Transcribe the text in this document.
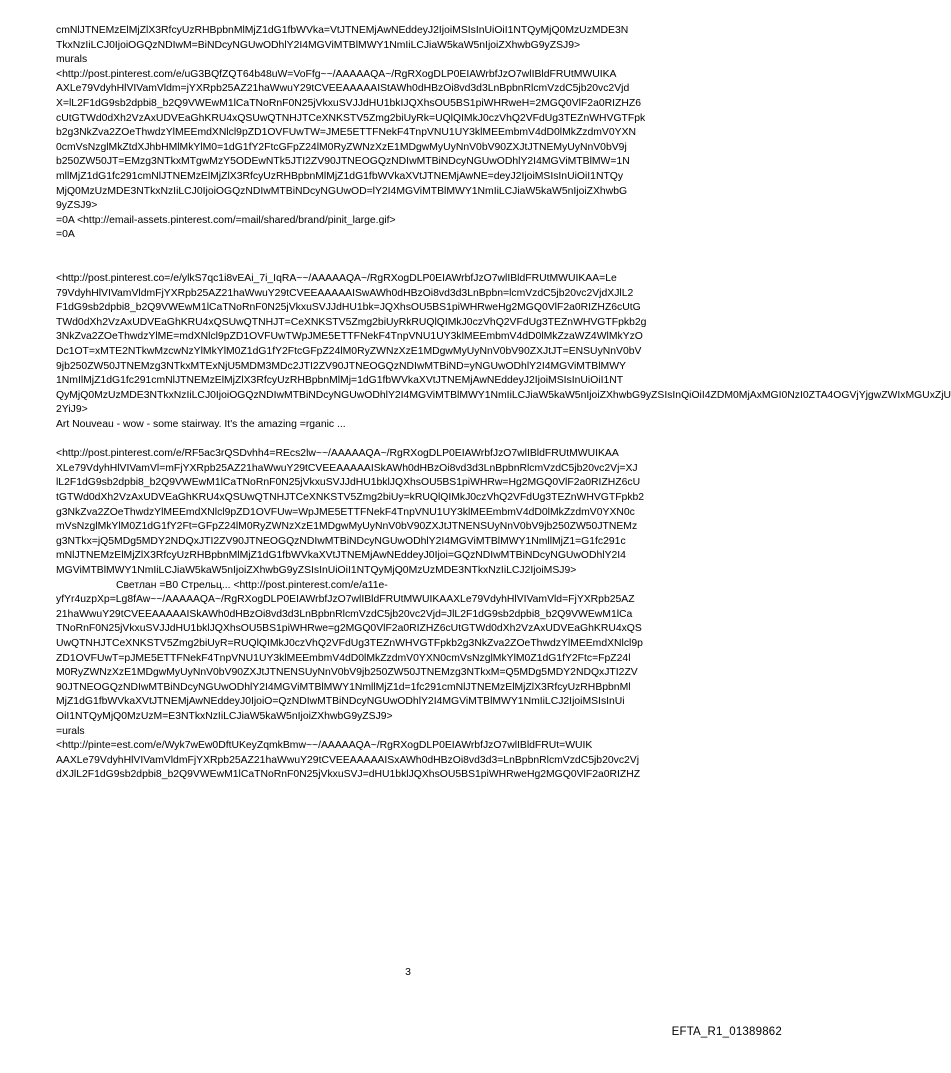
cmNlJTNEMzElMjZlX3RfcyUzRHBpbnMlMjZ1dG1fbWVka=VtJTNEMjAwNEddeyJ2IjoiMSIsInUiOiI1NTQyMjQ0MzUzMDE3N
TkxNzIiLCJ0IjoiOGQzNDIwM=BiNDcyNGUwODhlY2I4MGViMTBlMWY1NmIiLCJiaW5kaW5nIjoiZXhwbG9yZSJ9>
murals
<http://post.pinterest.com/e/uG3BQfZQT64b48uW=VoFfg~~/AAAAAQA~/RgRXogDLP0EIAWrbfJzO7wlIBldFRUtMWUIKA
AXLe79VdyhHlVIVamVldm=jYXRpb25AZ21haWwuY29tCVEEAAAAAIStAWh0dHBzOi8vd3d3LnBpbnRlcmVzdC5jb20vc2Vjd
X=lL2F1dG9sb2dpbi8_b2Q9VWEwM1lCaTNoRnF0N25jVkxuSVJJdHU1bkIJQXhsOU5BS1piWHRweH=2MGQ0VlF2a0RIZHZ6
cUtGTWd0dXh2VzAxUDVEaGhKRU4xQSUwQTNHJTCeXNKSTV5Zmg2biUyRk=UQlQIMkJ0czVhQ2VFdUg3TEZnWHVGTFpk
b2g3NkZva2ZOeThwdzYlMEEmdXNlcl9pZD1OVFUwTW=JME5ETTFNekF4TnpVNU1UY3klMEEmbmV4dD0lMkZzdmV0YXN
0cmVsNzglMkZtdXJhbHMlMkYlM0=1dG1fY2FtcGFpZ24lM0RyZWNzXzE1MDgwMyUyNnV0bV90ZXJtJTNEMyUyNnV0bV9j
b250ZW50JT=EMzg3NTkxMTgwMzY5ODEwNTk5JTI2ZV90JTNEOGQzNDIwMTBiNDcyNGUwODhlY2I4MGViMTBlMW=1N
mllMjZ1dG1fc291cmNlJTNEMzElMjZlX3RfcyUzRHBpbnMlMjZ1dG1fbWVkaXVtJTNEMjAwNE=deyJ2IjoiMSIsInUiOiI1NTQy
MjQ0MzUzMDE3NTkxNzIiLCJ0IjoiOGQzNDIwMTBiNDcyNGUwOD=lY2I4MGViMTBlMWY1NmIiLCJiaW5kaW5nIjoiZXhwbG
9yZSJ9>
=0A <http://email-assets.pinterest.com/=mail/shared/brand/pinit_large.gif>
=0A
<http://post.pinterest.co=/e/ylkS7qc1i8vEAi_7i_IqRA~~/AAAAAQA~/RgRXogDLP0EIAWrbfJzO7wlIBldFRUtMWUIKAA=Le
79VdyhHlVIVamVldmFjYXRpb25AZ21haWwuY29tCVEEAAAAAISwAWh0dHBzOi8vd3d3LnBpbn=lcmVzdC5jb20vc2VjdXJlL2
F1dG9sb2dpbi8_b2Q9VWEwM1lCaTNoRnF0N25jVkxuSVJJdHU1bk=JQXhsOU5BS1piWHRweHg2MGQ0VlF2a0RIZHZ6cUtG
TWd0dXh2VzAxUDVEaGhKRU4xQSUwQTNHJT=CeXNKSTV5Zmg2biUyRkRUQlQIMkJ0czVhQ2VFdUg3TEZnWHVGTFpkb2g
3NkZva2ZOeThwdzYlME=mdXNlcl9pZD1OVFUwTWpJME5ETTFNekF4TnpVNU1UY3klMEEmbmV4dD0lMkZzaWZ4WlMkYzO
Dc1OT=xMTE2NTkwMzcwNzYlMkYlM0Z1dG1fY2FtcGFpZ24lM0RyZWNzXzE1MDgwMyUyNnV0bV90ZXJtJT=ENSUyNnV0bV
9jb250ZW50JTNEMzg3NTkxMTExNjU5MDM3MDc2JTI2ZV90JTNEOGQzNDIwMTBiND=yNGUwODhlY2I4MGViMTBlMWY
1NmIlMjZ1dG1fc291cmNlJTNEMzElMjZlX3RfcyUzRHBpbnMlMj=1dG1fbWVkaXVtJTNEMjAwNEddeyJ2IjoiMSIsInUiOiI1NT
QyMjQ0MzUzMDE3NTkxNzIiLCJ0IjoiOGQzNDIwMTBiNDcyNGUwODhlY2I4MGViMTBlMWY1NmIiLCJiaW5kaW5nIjoiZXhwbG9yZSIsInQiOiI4ZDM0MjAxMGI0NzI0ZTA4OGVjYjgwZWIxMGUxZjU
2YiJ9>
Art Nouveau - wow - some stairway. It's the amazing =rganic ...
<http://post.pinterest.com/e/RF5ac3rQSDvhh4=REcs2lw~~/AAAAAQA~/RgRXogDLP0EIAWrbfJzO7wlIBldFRUtMWUIKAA
XLe79VdyhHlVIVamVl=mFjYXRpb25AZ21haWwuY29tCVEEAAAAAISkAWh0dHBzOi8vd3d3LnBpbnRlcmVzdC5jb20vc2Vj=XJ
lL2F1dG9sb2dpbi8_b2Q9VWEwM1lCaTNoRnF0N25jVkxuSVJJdHU1bklJQXhsOU5BS1piWHRw=Hg2MGQ0VlF2a0RIZHZ6cU
tGTWd0dXh2VzAxUDVEaGhKRU4xQSUwQTNHJTCeXNKSTV5Zmg2biUy=kRUQlQIMkJ0czVhQ2VFdUg3TEZnWHVGTFpkb2
g3NkZva2ZOeThwdzYlMEEmdXNlcl9pZD1OVFUw=WpJME5ETTFNekF4TnpVNU1UY3klMEEmbmV4dD0lMkZzdmV0YXN0c
mVsNzglMkYlM0Z1dG1fY2Ft=GFpZ24lM0RyZWNzXzE1MDgwMyUyNnV0bV90ZXJtJTNENSUyNnV0bV9jb250ZW50JTNEMz
g3NTkx=jQ5MDg5MDY2NDQxJTI2ZV90JTNEOGQzNDIwMTBiNDcyNGUwODhlY2I4MGViMTBlMWY1NmllMjZ1=G1fc291c
mNlJTNEMzElMjZlX3RfcyUzRHBpbnMlMjZ1dG1fbWVkaXVtJTNEMjAwNEddeyJ0Ijoi=GQzNDIwMTBiNDcyNGUwODhlY2I4
MGViMTBlMWY1NmIiLCJiaW5kaW5nIjoiZXhwbG9yZSIsInUiOiI1NTQyMjQ0MzUzMDE3NTkxNzIiLCJ2IjoiMSJ9>
Светлан =B0 Стрельц... <http://post.pinterest.com/e/a11e-
yfYr4uzpXp=Lg8fAw~~/AAAAAQA~/RgRXogDLP0EIAWrbfJzO7wlIBldFRUtMWUIKAAXLe79VdyhHlVIVamVld=FjYXRpb25AZ
21haWwuY29tCVEEAAAAAISkAWh0dHBzOi8vd3d3LnBpbnRlcmVzdC5jb20vc2Vjd=JlL2F1dG9sb2dpbi8_b2Q9VWEwM1lCa
TNoRnF0N25jVkxuSVJJdHU1bklJQXhsOU5BS1piWHRwe=g2MGQ0VlF2a0RIZHZ6cUtGTWd0dXh2VzAxUDVEaGhKRU4xQS
UwQTNHJTCeXNKSTV5Zmg2biUyR=RUQlQIMkJ0czVhQ2VFdUg3TEZnWHVGTFpkb2g3NkZva2ZOeThwdzYlMEEmdXNlcl9p
ZD1OVFUwT=pJME5ETTFNekF4TnpVNU1UY3klMEEmbmV4dD0lMkZzdmV0YXN0cmVsNzglMkYlM0Z1dG1fY2Ftc=FpZ24l
M0RyZWNzXzE1MDgwMyUyNnV0bV90ZXJtJTNENSUyNnV0bV9jb250ZW50JTNEMzg3NTkxM=Q5MDg5MDY2NDQxJTI2ZV
90JTNEOGQzNDIwMTBiNDcyNGUwODhlY2I4MGViMTBlMWY1NmllMjZ1d=1fc291cmNlJTNEMzElMjZlX3RfcyUzRHBpbnMl
MjZ1dG1fbWVkaXVtJTNEMjAwNEddeyJ0IjoiO=QzNDIwMTBiNDcyNGUwODhlY2I4MGViMTBlMWY1NmIiLCJ2IjoiMSIsInUi
OiI1NTQyMjQ0MzUzM=E3NTkxNzIiLCJiaW5kaW5nIjoiZXhwbG9yZSJ9>
=urals
<http://pinte=est.com/e/Wyk7wEw0DftUKeyZqmkBmw~~/AAAAAQA~/RgRXogDLP0EIAWrbfJzO7wlIBldFRUt=WUIK
AAXLe79VdyhHlVIVamVldmFjYXRpb25AZ21haWwuY29tCVEEAAAAAISxAWh0dHBzOi8vd3d3=LnBpbnRlcmVzdC5jb20vc2Vj
dXJlL2F1dG9sb2dpbi8_b2Q9VWEwM1lCaTNoRnF0N25jVkxuSVJ=dHU1bklJQXhsOU5BS1piWHRweHg2MGQ0VlF2a0RIZHZ
3
EFTA_R1_01389862
